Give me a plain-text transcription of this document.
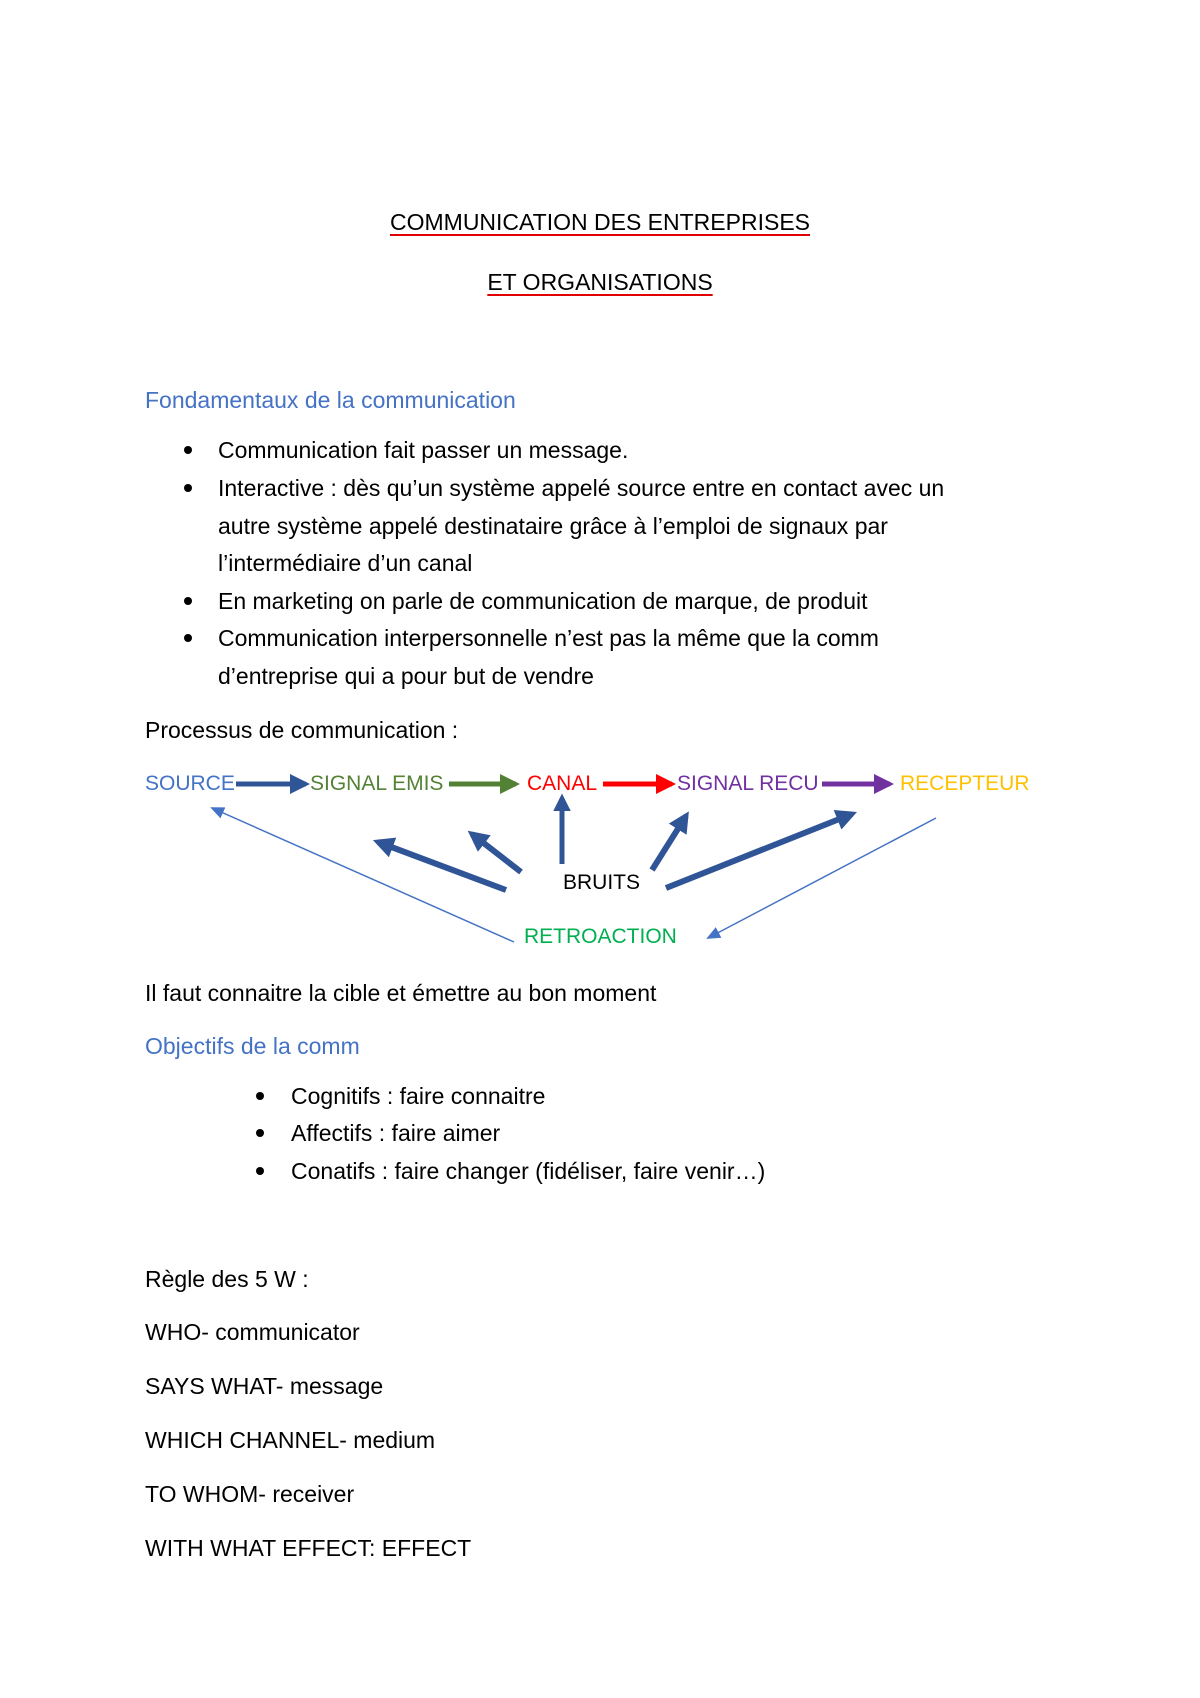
COMMUNICATION DES ENTREPRISES
ET ORGANISATIONS
Fondamentaux de la communication
Communication fait passer un message.
Interactive : dès qu’un système appelé source entre en contact avec un
autre système appelé destinataire grâce à l’emploi de signaux par
l’intermédiaire d’un canal
En marketing on parle de communication de marque, de produit
Communication interpersonnelle n’est pas la même que la comm
d’entreprise qui a pour but de vendre
Processus de communication :
SOURCE	SIGNAL EMIS	CANAL	SIGNAL RECU	RECEPTEUR
BRUITS
RETROACTION
Il faut connaitre la cible et émettre au bon moment
Objectifs de la comm
Cognitifs : faire connaitre
Affectifs : faire aimer
Conatifs : faire changer (fidéliser, faire venir…)
Règle des 5 W :
WHO- communicator
SAYS WHAT- message
WHICH CHANNEL- medium
TO WHOM- receiver
WITH WHAT EFFECT: EFFECT
